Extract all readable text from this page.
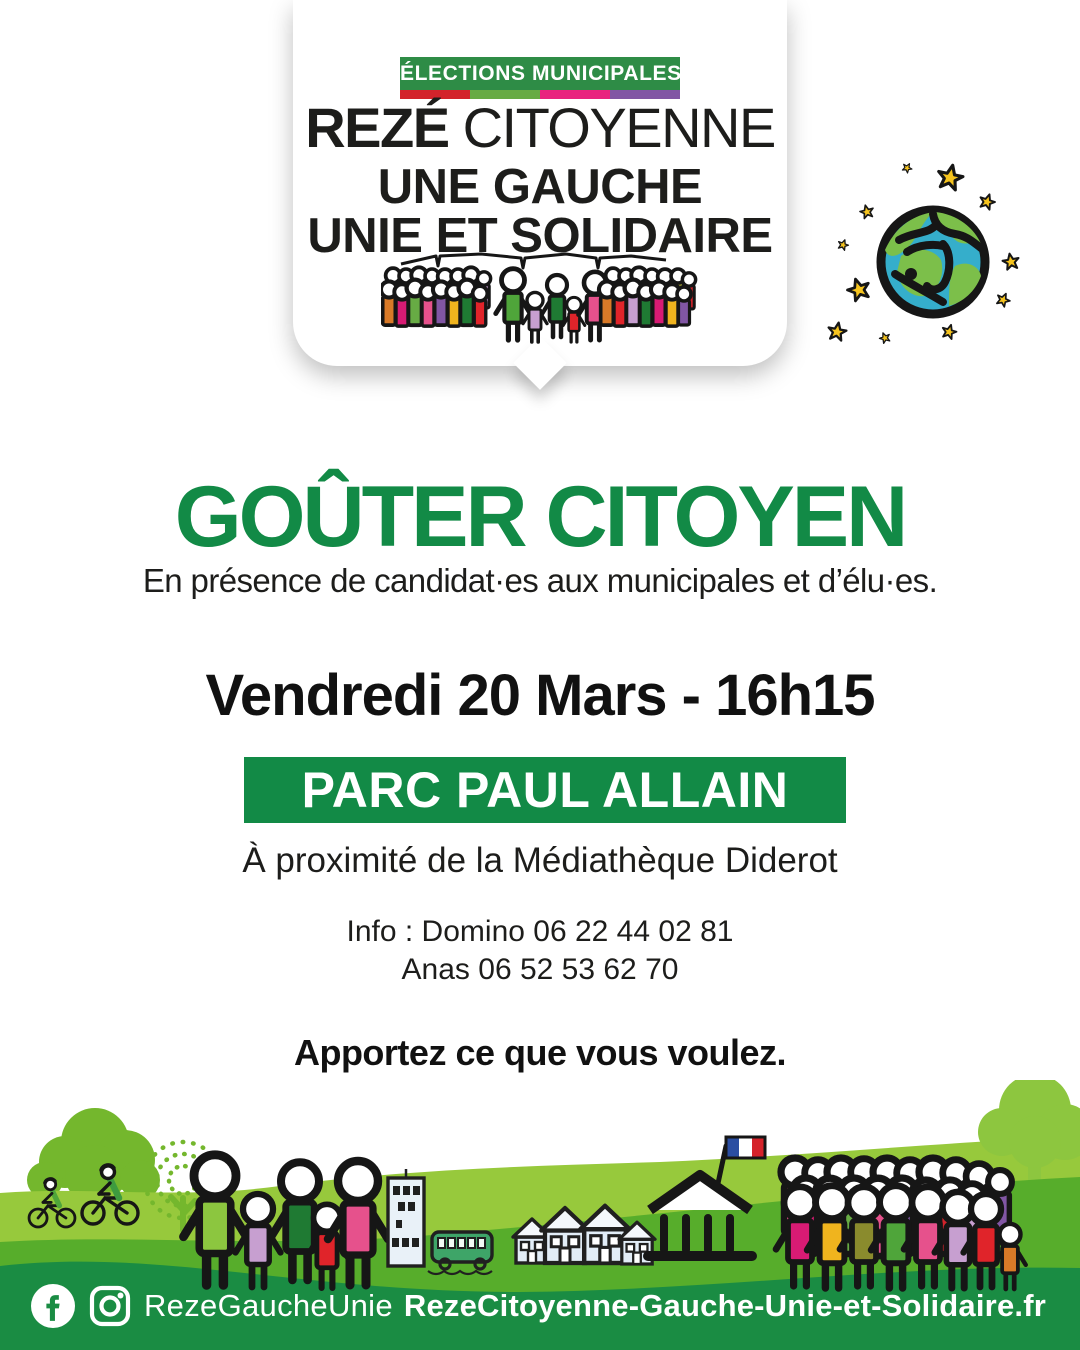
ÉLECTIONS MUNICIPALES 2026
REZÉ CITOYENNE
UNE GAUCHE
UNIE ET SOLIDAIRE
GOÛTER CITOYEN
En présence de candidat·es aux municipales et d’élu·es.
Vendredi 20 Mars - 16h15
PARC PAUL ALLAIN
À proximité de la Médiathèque Diderot
Info : Domino 06 22 44 02 81
Anas 06 52 53 62 70
Apportez ce que vous voulez.
RezeGaucheUnie RezeCitoyenne-Gauche-Unie-et-Solidaire.fr
